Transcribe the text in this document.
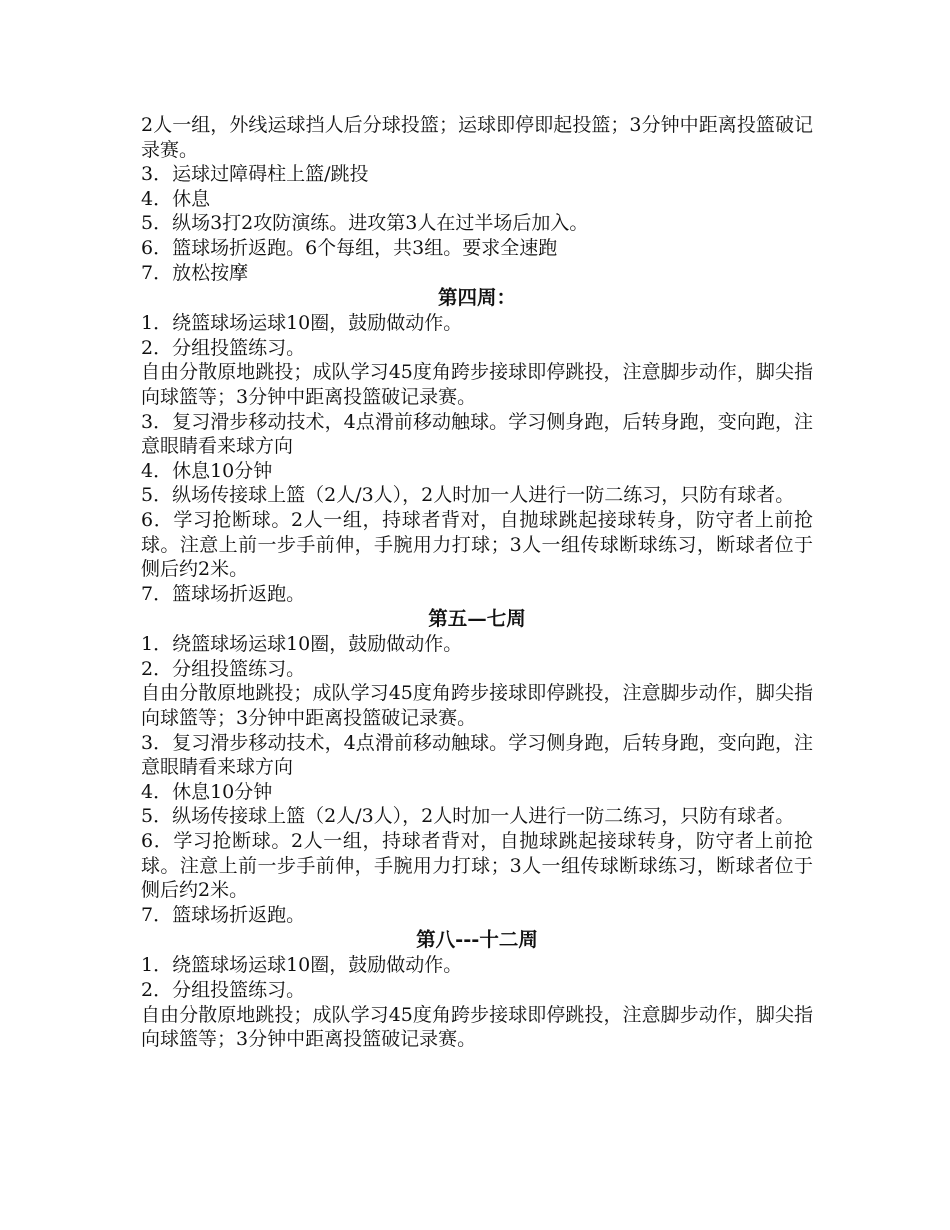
2人一组，外线运球挡人后分球投篮；运球即停即起投篮；3分钟中距离投篮破记录赛。

3．运球过障碍柱上篮/跳投

4．休息

5．纵场3打2攻防演练。进攻第3人在过半场后加入。

6．篮球场折返跑。6个每组，共3组。要求全速跑

7．放松按摩

第四周：

1．绕篮球场运球10圈，鼓励做动作。

2．分组投篮练习。

自由分散原地跳投；成队学习45度角跨步接球即停跳投，注意脚步动作，脚尖指向球篮等；3分钟中距离投篮破记录赛。

3．复习滑步移动技术，4点滑前移动触球。学习侧身跑，后转身跑，变向跑，注意眼睛看来球方向

4．休息10分钟

5．纵场传接球上篮（2人/3人），2人时加一人进行一防二练习，只防有球者。

6．学习抢断球。2人一组，持球者背对，自抛球跳起接球转身，防守者上前抢球。注意上前一步手前伸，手腕用力打球；3人一组传球断球练习，断球者位于侧后约2米。

7．篮球场折返跑。

第五—七周

1．绕篮球场运球10圈，鼓励做动作。

2．分组投篮练习。

自由分散原地跳投；成队学习45度角跨步接球即停跳投，注意脚步动作，脚尖指向球篮等；3分钟中距离投篮破记录赛。

3．复习滑步移动技术，4点滑前移动触球。学习侧身跑，后转身跑，变向跑，注意眼睛看来球方向

4．休息10分钟

5．纵场传接球上篮（2人/3人），2人时加一人进行一防二练习，只防有球者。

6．学习抢断球。2人一组，持球者背对，自抛球跳起接球转身，防守者上前抢球。注意上前一步手前伸，手腕用力打球；3人一组传球断球练习，断球者位于侧后约2米。

7．篮球场折返跑。

第八---十二周

1．绕篮球场运球10圈，鼓励做动作。

2．分组投篮练习。

自由分散原地跳投；成队学习45度角跨步接球即停跳投，注意脚步动作，脚尖指向球篮等；3分钟中距离投篮破记录赛。
